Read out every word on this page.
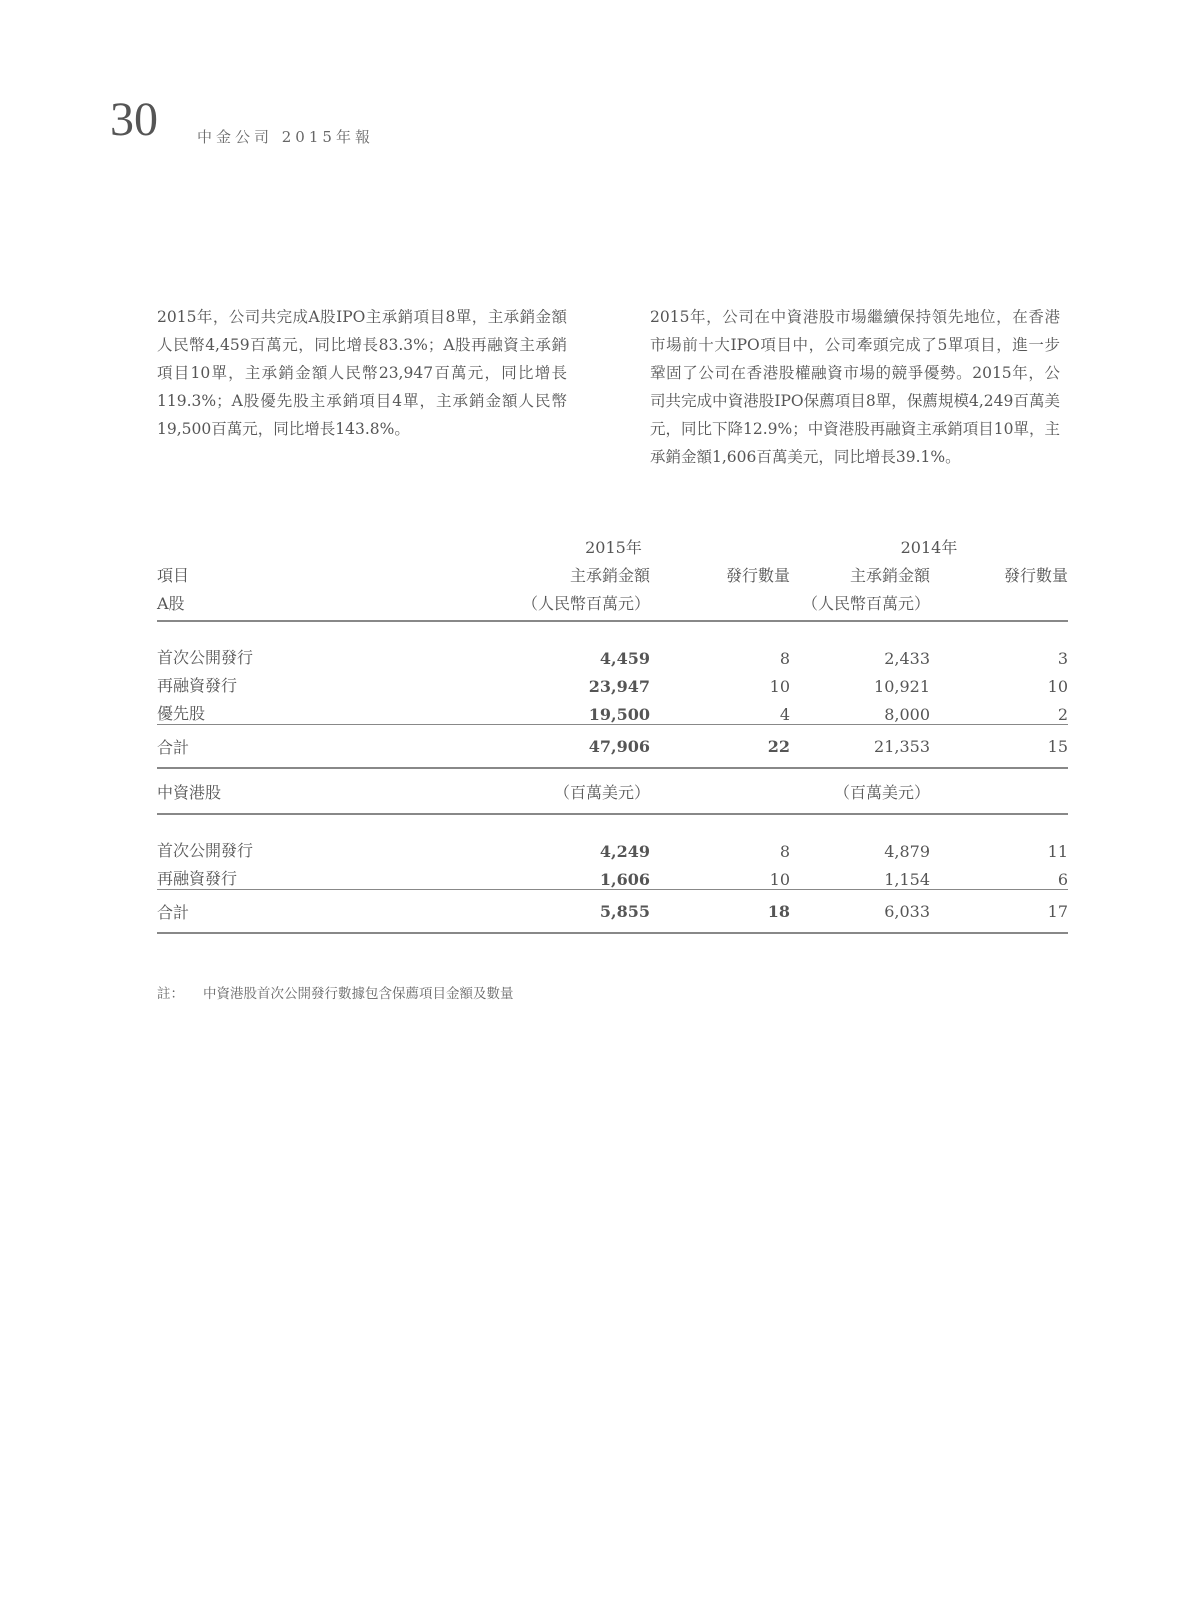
30	中金公司 2015年報

2015年，公司共完成A股IPO主承銷項目8單，主承銷金額人民幣4,459百萬元，同比增長83.3%；A股再融資主承銷項目10單，主承銷金額人民幣23,947百萬元，同比增長119.3%；A股優先股主承銷項目4單，主承銷金額人民幣19,500百萬元，同比增長143.8%。

2015年，公司在中資港股市場繼續保持領先地位，在香港市場前十大IPO項目中，公司牽頭完成了5單項目，進一步鞏固了公司在香港股權融資市場的競爭優勢。2015年，公司共完成中資港股IPO保薦項目8單，保薦規模4,249百萬美元，同比下降12.9%；中資港股再融資主承銷項目10單，主承銷金額1,606百萬美元，同比增長39.1%。

	2015年		2014年	
項目	主承銷金額	發行數量	主承銷金額	發行數量
A股	（人民幣百萬元）		（人民幣百萬元）	

首次公開發行	4,459	8	2,433	3
再融資發行	23,947	10	10,921	10
優先股	19,500	4	8,000	2
合計	47,906	22	21,353	15
中資港股	（百萬美元）		（百萬美元）	

首次公開發行	4,249	8	4,879	11
再融資發行	1,606	10	1,154	6
合計	5,855	18	6,033	17

註： 中資港股首次公開發行數據包含保薦項目金額及數量
